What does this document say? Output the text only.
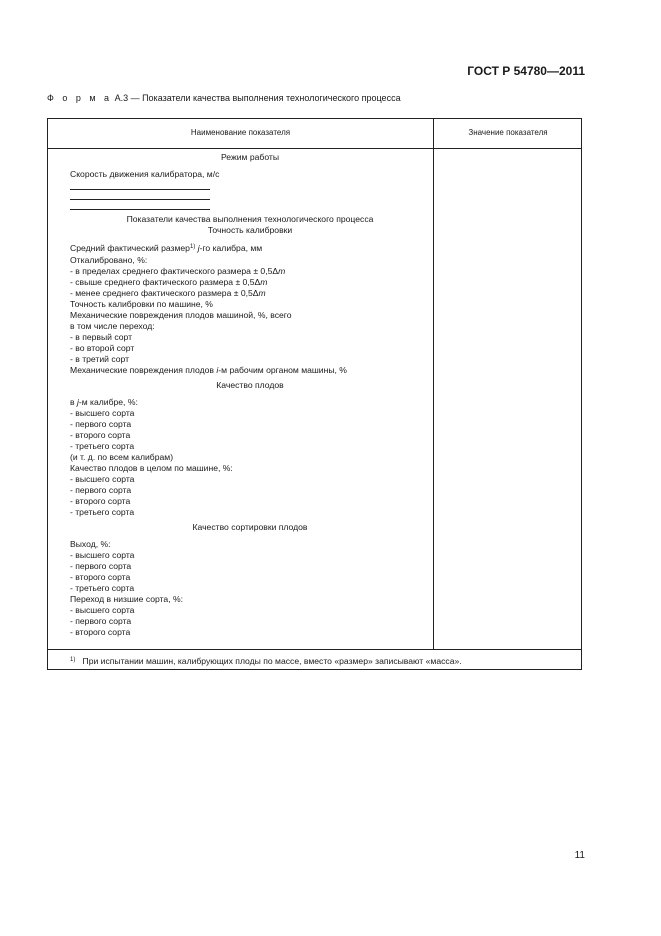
ГОСТ Р 54780—2011
Ф о р м а А.3 — Показатели качества выполнения технологического процесса
Наименование показателя	Значение показателя
Режим работы
Скорость движения калибратора, м/с
Показатели качества выполнения технологического процесса
Точность калибровки
Средний фактический размер$^{1)}$ j-го калибра, мм
Откалибровано, %:
- в пределах среднего фактического размера ± 0,5Δm
- свыше среднего фактического размера ± 0,5Δm
- менее среднего фактического размера ± 0,5Δm
Точность калибровки по машине, %
Механические повреждения плодов машиной, %, всего
в том числе переход:
- в первый сорт
- во второй сорт
- в третий сорт
Механические повреждения плодов i-м рабочим органом машины, %
Качество плодов
в j-м калибре, %:
- высшего сорта
- первого сорта
- второго сорта
- третьего сорта
(и т. д. по всем калибрам)
Качество плодов в целом по машине, %:
- высшего сорта
- первого сорта
- второго сорта
- третьего сорта
Качество сортировки плодов
Выход, %:
- высшего сорта
- первого сорта
- второго сорта
- третьего сорта
Переход в низшие сорта, %:
- высшего сорта
- первого сорта
- второго сорта
$^{1)}$ При испытании машин, калибрующих плоды по массе, вместо «размер» записывают «масса».
11
